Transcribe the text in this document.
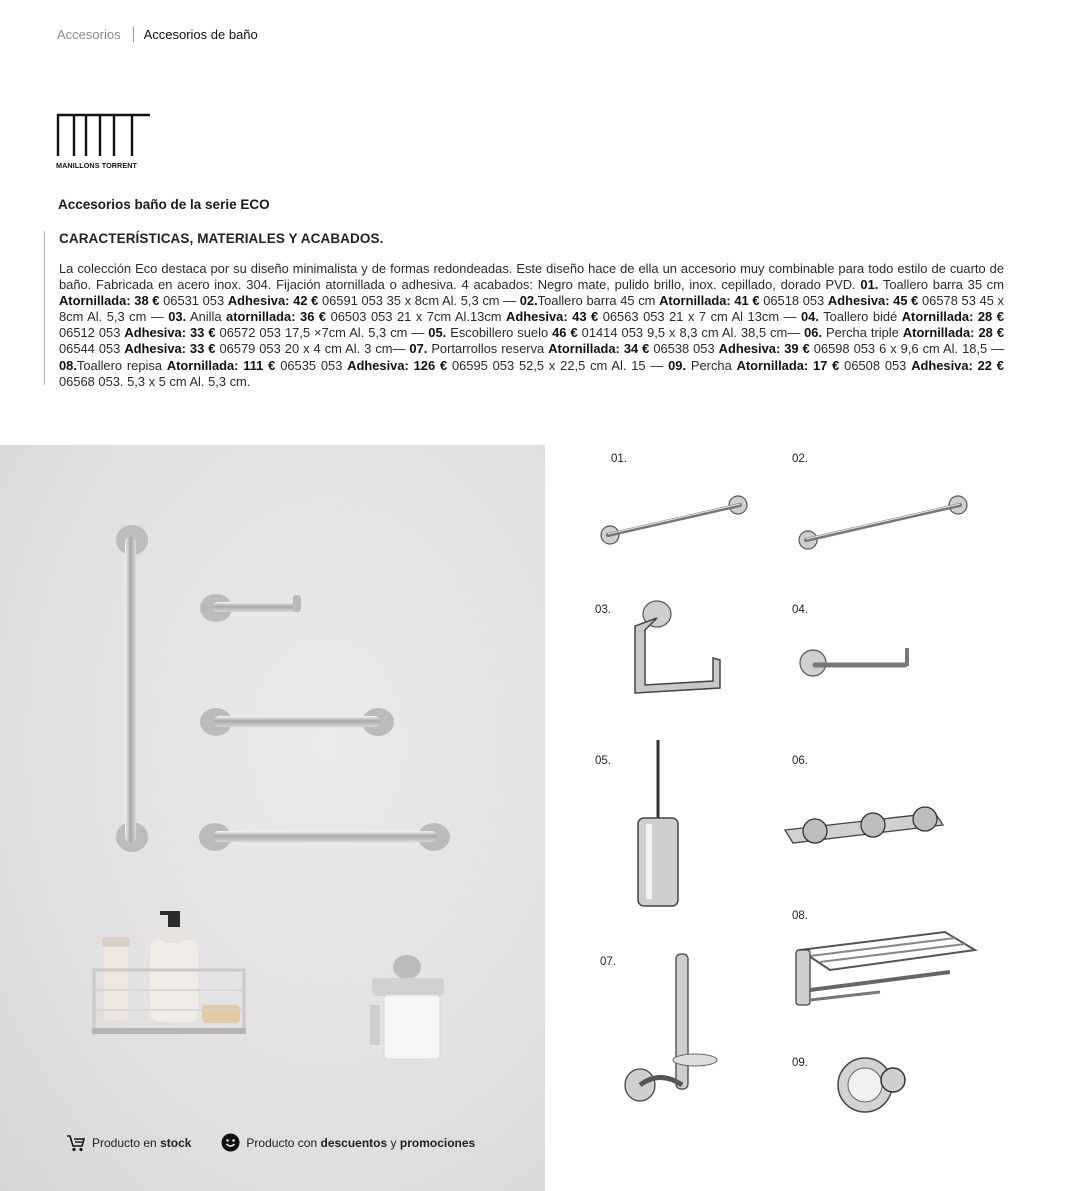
Accesorios Accesorios de baño
MANILLONS TORRENT
Accesorios baño de la serie ECO
CARACTERÍSTICAS, MATERIALES Y ACABADOS.

La colección Eco destaca por su diseño minimalista y de formas redondeadas. Este diseño hace de ella un accesorio muy combinable para todo estilo de cuarto de baño. Fabricada en acero inox. 304. Fijación atornillada o adhesiva. 4 acabados: Negro mate, pulido brillo, inox. cepillado, dorado PVD. 01. Toallero barra 35 cm Atornillada: 38 € 06531 053 Adhesiva: 42 € 06591 053 35 x 8cm Al. 5,3 cm — 02.Toallero barra 45 cm Atornillada: 41 € 06518 053 Adhesiva: 45 € 06578 53 45 x 8cm Al. 5,3 cm — 03. Anilla atornillada: 36 € 06503 053 21 x 7cm Al.13cm Adhesiva: 43 € 06563 053 21 x 7 cm Al 13cm — 04. Toallero bidé Atornillada: 28 € 06512 053 Adhesiva: 33 € 06572 053 17,5 ×7cm Al. 5,3 cm — 05. Escobillero suelo 46 € 01414 053 9,5 x 8,3 cm Al. 38,5 cm— 06. Percha triple Atornillada: 28 € 06544 053 Adhesiva: 33 € 06579 053 20 x 4 cm Al. 3 cm— 07. Portarrollos reserva Atornillada: 34 € 06538 053 Adhesiva: 39 € 06598 053 6 x 9,6 cm Al. 18,5 — 08.Toallero repisa Atornillada: 111 € 06535 053 Adhesiva: 126 € 06595 053 52,5 x 22,5 cm Al. 15 — 09. Percha Atornillada: 17 € 06508 053 Adhesiva: 22 € 06568 053. 5,3 x 5 cm Al. 5,3 cm.

Producto en
stock	Producto con
descuentos
y
promociones
01.	02.
03.	04.
05.	06.
07.
08.
09.
